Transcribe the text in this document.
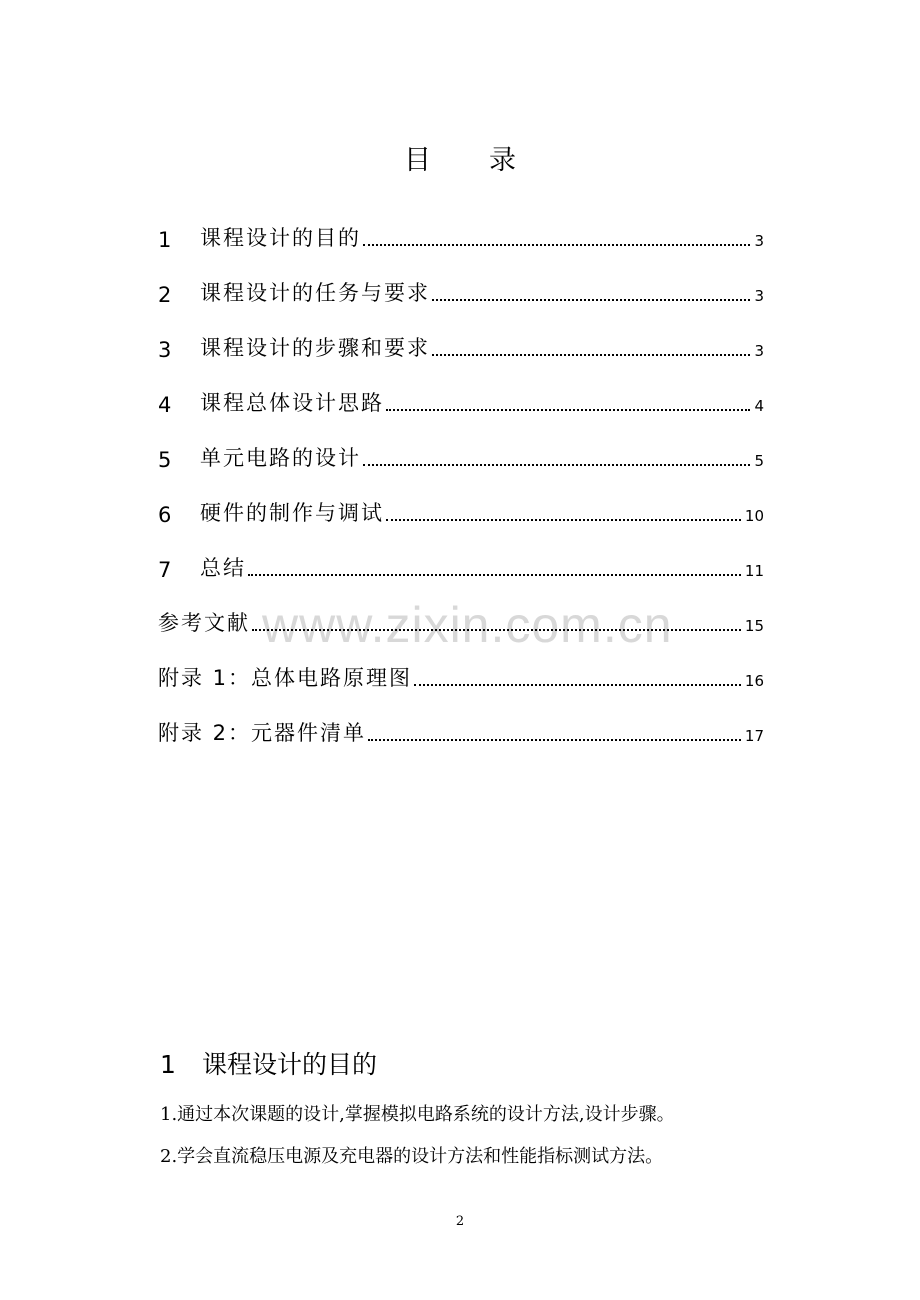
目录
www.zixin.com.cn
1	课程设计的目的	3
2	课程设计的任务与要求	3
3	课程设计的步骤和要求	3
4	课程总体设计思路	4
5	单元电路的设计	5
6	硬件的制作与调试	10
7	总结	11
参考文献	15
附录 1：总体电路原理图	16
附录 2：元器件清单	17
1 课程设计的目的
1.通过本次课题的设计,掌握模拟电路系统的设计方法,设计步骤。
2.学会直流稳压电源及充电器的设计方法和性能指标测试方法。
2
